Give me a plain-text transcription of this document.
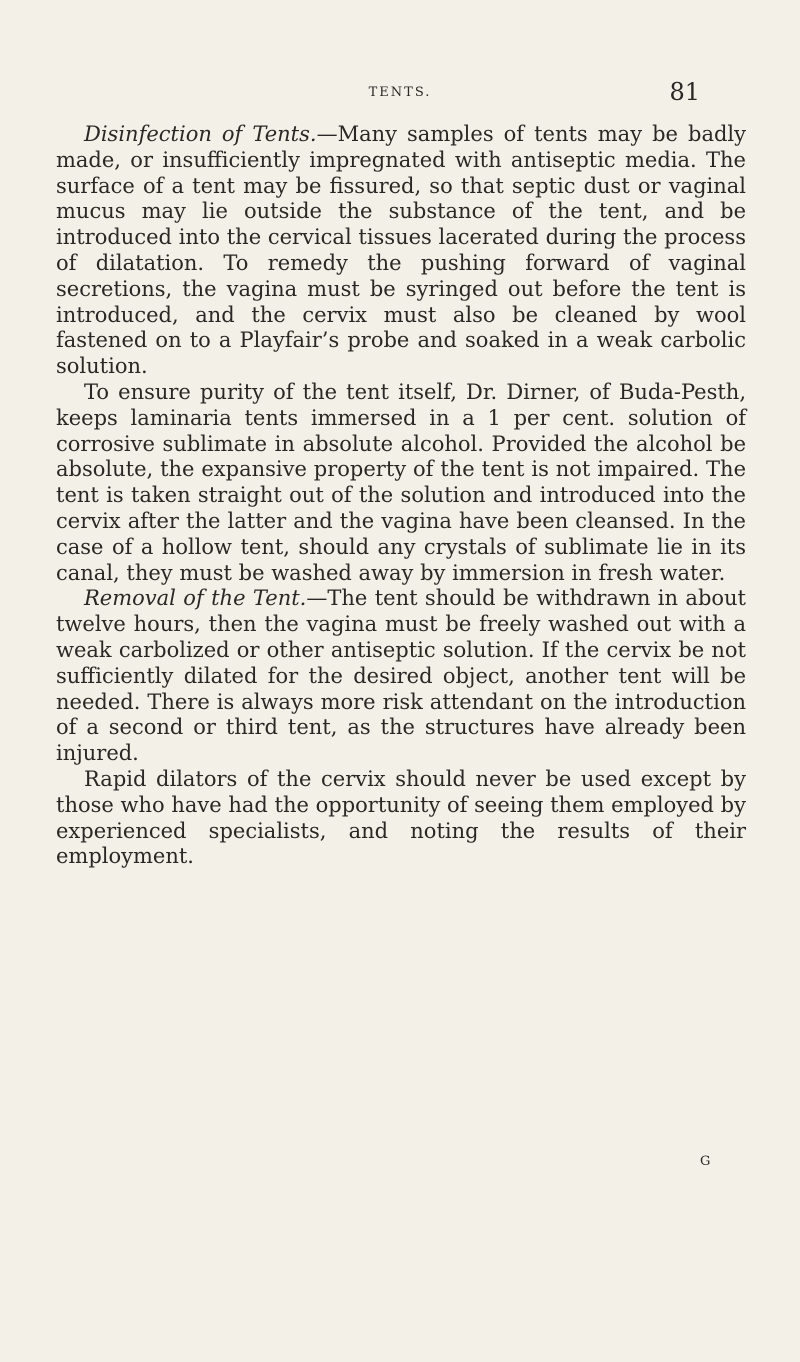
TENTS.	81

Disinfection of Tents.—Many samples of tents may be badly made, or insufficiently impregnated with antiseptic media. The surface of a tent may be fissured, so that septic dust or vaginal mucus may lie outside the substance of the tent, and be introduced into the cervical tissues lacerated during the process of dilatation. To remedy the pushing forward of vaginal secretions, the vagina must be syringed out before the tent is introduced, and the cervix must also be cleaned by wool fastened on to a Playfair’s probe and soaked in a weak carbolic solution.

To ensure purity of the tent itself, Dr. Dirner, of Buda-Pesth, keeps laminaria tents immersed in a 1 per cent. solution of corrosive sublimate in absolute alcohol. Provided the alcohol be absolute, the expansive property of the tent is not impaired. The tent is taken straight out of the solution and introduced into the cervix after the latter and the vagina have been cleansed. In the case of a hollow tent, should any crystals of sublimate lie in its canal, they must be washed away by immersion in fresh water.

Removal of the Tent.—The tent should be withdrawn in about twelve hours, then the vagina must be freely washed out with a weak carbolized or other antiseptic solution. If the cervix be not sufficiently dilated for the desired object, another tent will be needed. There is always more risk attendant on the introduction of a second or third tent, as the structures have already been injured.

Rapid dilators of the cervix should never be used except by those who have had the opportunity of seeing them employed by experienced specialists, and noting the results of their employment.

G
